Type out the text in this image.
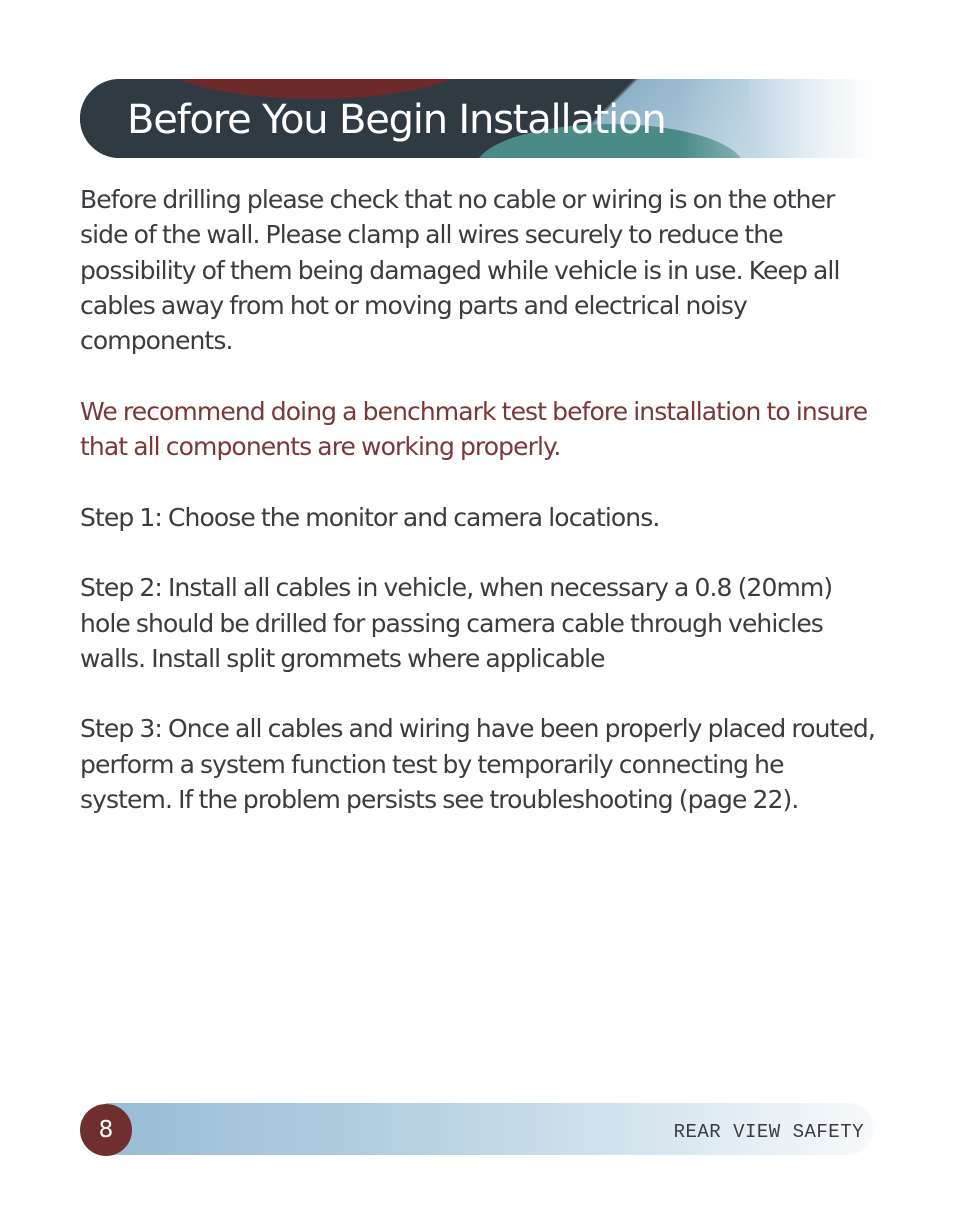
Before You Begin Installation

Before drilling please check that no cable or wiring is on the other side of the wall. Please clamp all wires securely to reduce the possibility of them being damaged while vehicle is in use. Keep all cables away from hot or moving parts and electrical noisy components.

We recommend doing a benchmark test before installation to insure that all components are working properly.

Step 1: Choose the monitor and camera locations.

Step 2: Install all cables in vehicle, when necessary a 0.8 (20mm) hole should be drilled for passing camera cable through vehicles walls. Install split grommets where applicable

Step 3: Once all cables and wiring have been properly placed routed, perform a system function test by temporarily connecting he system. If the problem persists see troubleshooting (page 22).

8	REAR VIEW SAFETY
